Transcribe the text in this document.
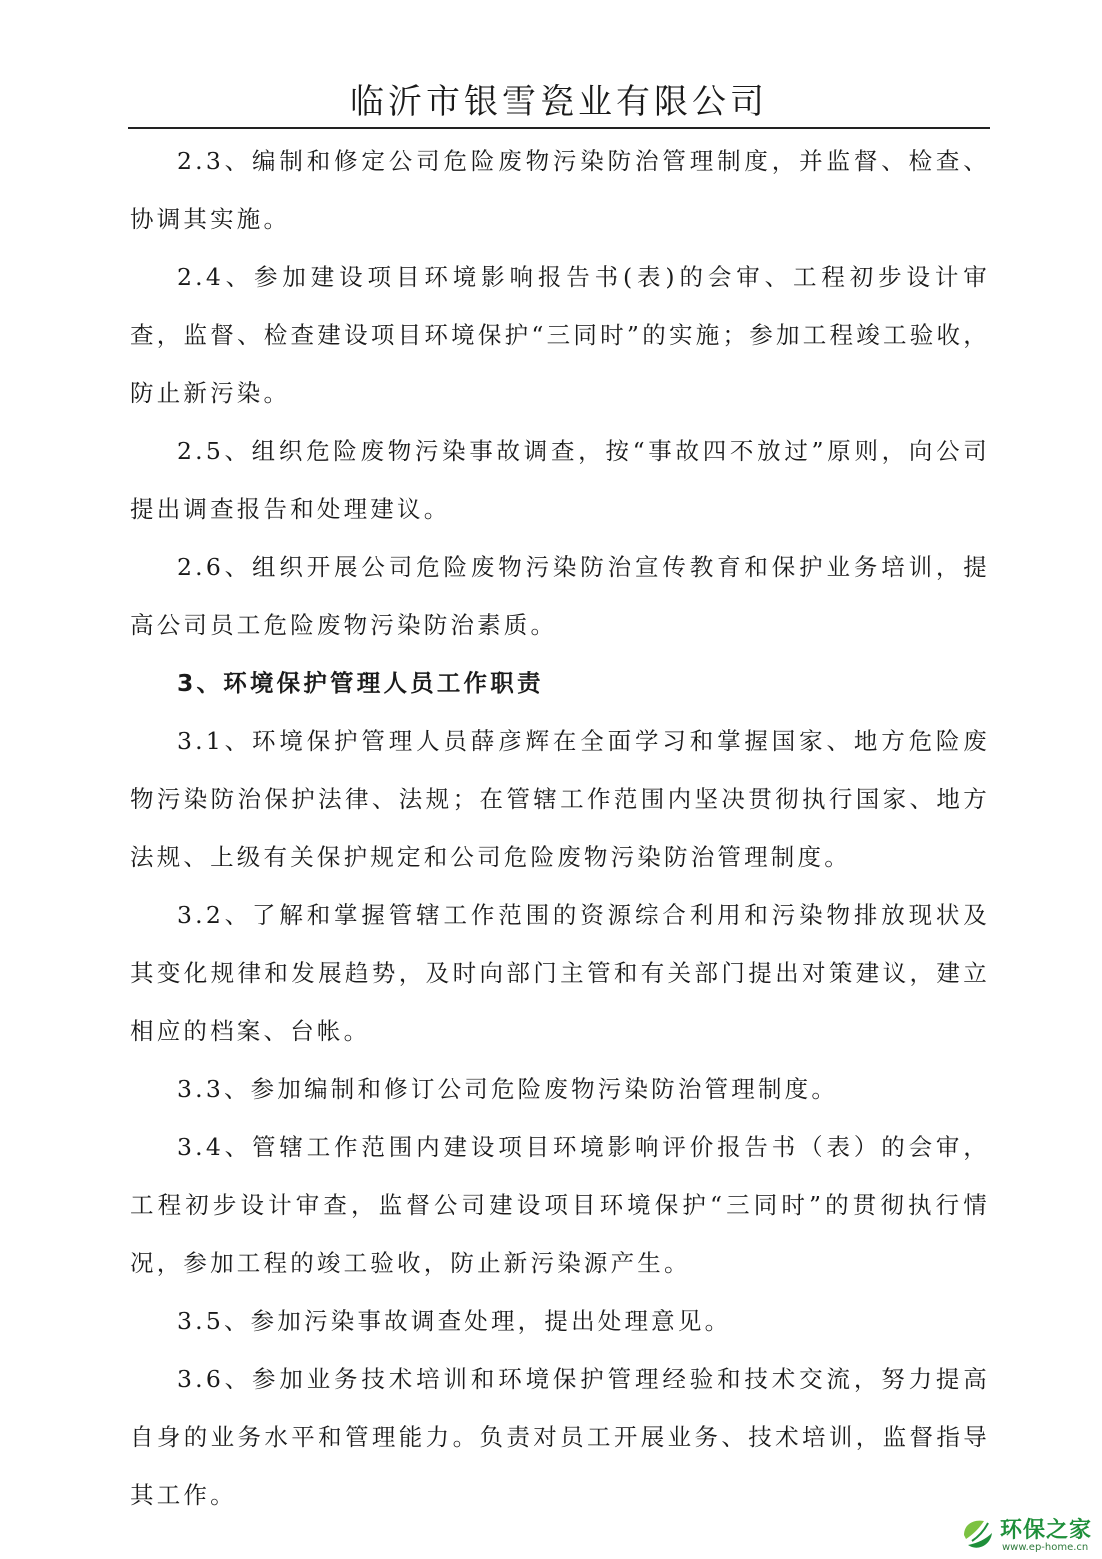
临沂市银雪瓷业有限公司

2.3、编制和修定公司危险废物污染防治管理制度，并监督、检查、协调其实施。

2.4、参加建设项目环境影响报告书(表)的会审、工程初步设计审查，监督、检查建设项目环境保护“三同时”的实施；参加工程竣工验收，防止新污染。

2.5、组织危险废物污染事故调查，按“事故四不放过”原则，向公司提出调查报告和处理建议。

2.6、组织开展公司危险废物污染防治宣传教育和保护业务培训，提高公司员工危险废物污染防治素质。

3、环境保护管理人员工作职责

3.1、环境保护管理人员薛彦辉在全面学习和掌握国家、地方危险废物污染防治保护法律、法规；在管辖工作范围内坚决贯彻执行国家、地方法规、上级有关保护规定和公司危险废物污染防治管理制度。

3.2、了解和掌握管辖工作范围的资源综合利用和污染物排放现状及其变化规律和发展趋势，及时向部门主管和有关部门提出对策建议，建立相应的档案、台帐。

3.3、参加编制和修订公司危险废物污染防治管理制度。

3.4、管辖工作范围内建设项目环境影响评价报告书（表）的会审，工程初步设计审查，监督公司建设项目环境保护“三同时”的贯彻执行情况，参加工程的竣工验收，防止新污染源产生。

3.5、参加污染事故调查处理，提出处理意见。

3.6、参加业务技术培训和环境保护管理经验和技术交流，努力提高自身的业务水平和管理能力。负责对员工开展业务、技术培训，监督指导其工作。

环保之家
www.ep-home.cn
